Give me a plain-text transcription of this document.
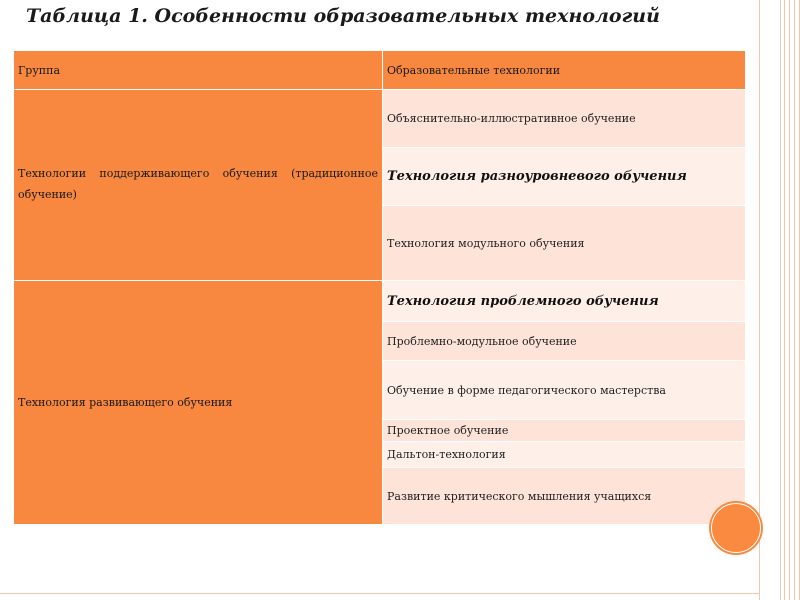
Таблица 1. Особенности образовательных технологий
Группа	Образовательные технологии
Технологии поддерживающего обучения (традиционное обучение)	Объяснительно-иллюстративное обучение
	Технология разноуровневого обучения
	Технология модульного обучения
Технология развивающего обучения	Технология проблемного обучения
	Проблемно-модульное обучение
	Обучение в форме педагогического мастерства
	Проектное обучение
	Дальтон-технология
	Развитие критического мышления учащихся
